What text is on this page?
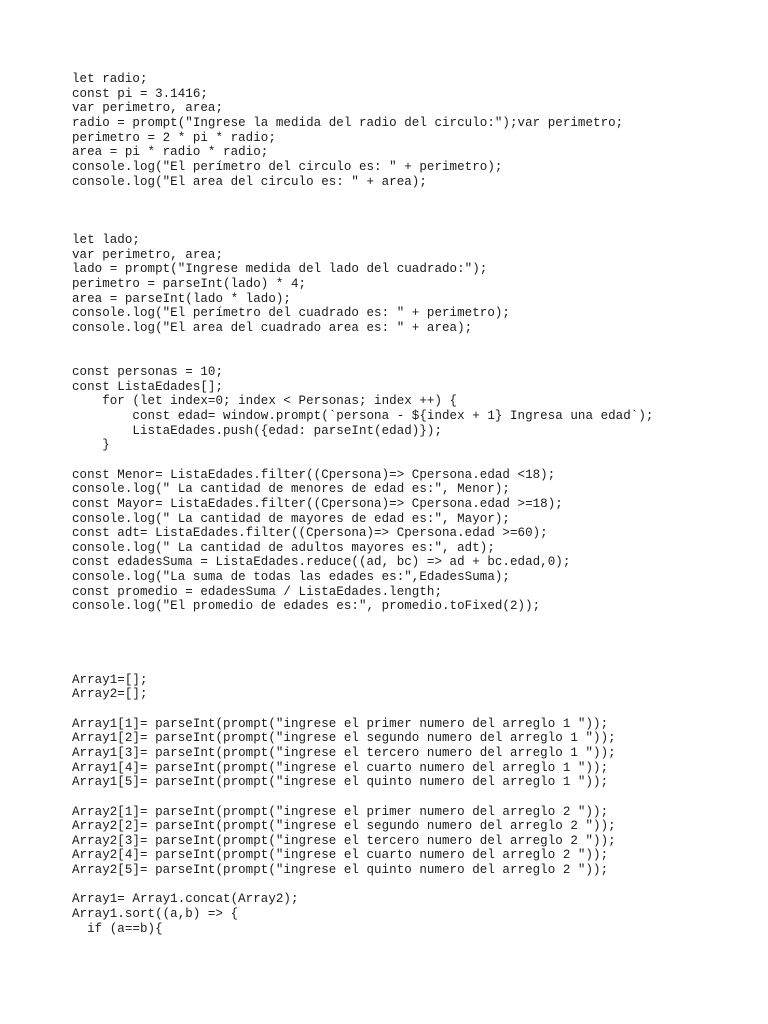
let radio;
const pi = 3.1416;
var perimetro, area;
radio = prompt("Ingrese la medida del radio del circulo:");var perimetro;
perimetro = 2 * pi * radio;
area = pi * radio * radio;
console.log("El perímetro del circulo es: " + perimetro);
console.log("El area del circulo es: " + area);
let lado;
var perimetro, area;
lado = prompt("Ingrese medida del lado del cuadrado:");
perimetro = parseInt(lado) * 4;
area = parseInt(lado * lado);
console.log("El perímetro del cuadrado es: " + perimetro);
console.log("El area del cuadrado area es: " + area);
const personas = 10;
const ListaEdades[];
for (let index=0; index < Personas; index ++) {
const edad= window.prompt(`persona - ${index + 1} Ingresa una edad`);
ListaEdades.push({edad: parseInt(edad)});
}
const Menor= ListaEdades.filter((Cpersona)=> Cpersona.edad <18);
console.log(" La cantidad de menores de edad es:", Menor);
const Mayor= ListaEdades.filter((Cpersona)=> Cpersona.edad >=18);
console.log(" La cantidad de mayores de edad es:", Mayor);
const adt= ListaEdades.filter((Cpersona)=> Cpersona.edad >=60);
console.log(" La cantidad de adultos mayores es:", adt);
const edadesSuma = ListaEdades.reduce((ad, bc) => ad + bc.edad,0);
console.log("La suma de todas las edades es:",EdadesSuma);
const promedio = edadesSuma / ListaEdades.length;
console.log("El promedio de edades es:", promedio.toFixed(2));
Array1=[];
Array2=[];
Array1[1]= parseInt(prompt("ingrese el primer numero del arreglo 1 "));
Array1[2]= parseInt(prompt("ingrese el segundo numero del arreglo 1 "));
Array1[3]= parseInt(prompt("ingrese el tercero numero del arreglo 1 "));
Array1[4]= parseInt(prompt("ingrese el cuarto numero del arreglo 1 "));
Array1[5]= parseInt(prompt("ingrese el quinto numero del arreglo 1 "));
Array2[1]= parseInt(prompt("ingrese el primer numero del arreglo 2 "));
Array2[2]= parseInt(prompt("ingrese el segundo numero del arreglo 2 "));
Array2[3]= parseInt(prompt("ingrese el tercero numero del arreglo 2 "));
Array2[4]= parseInt(prompt("ingrese el cuarto numero del arreglo 2 "));
Array2[5]= parseInt(prompt("ingrese el quinto numero del arreglo 2 "));
Array1= Array1.concat(Array2);
Array1.sort((a,b) => {
if (a==b){
